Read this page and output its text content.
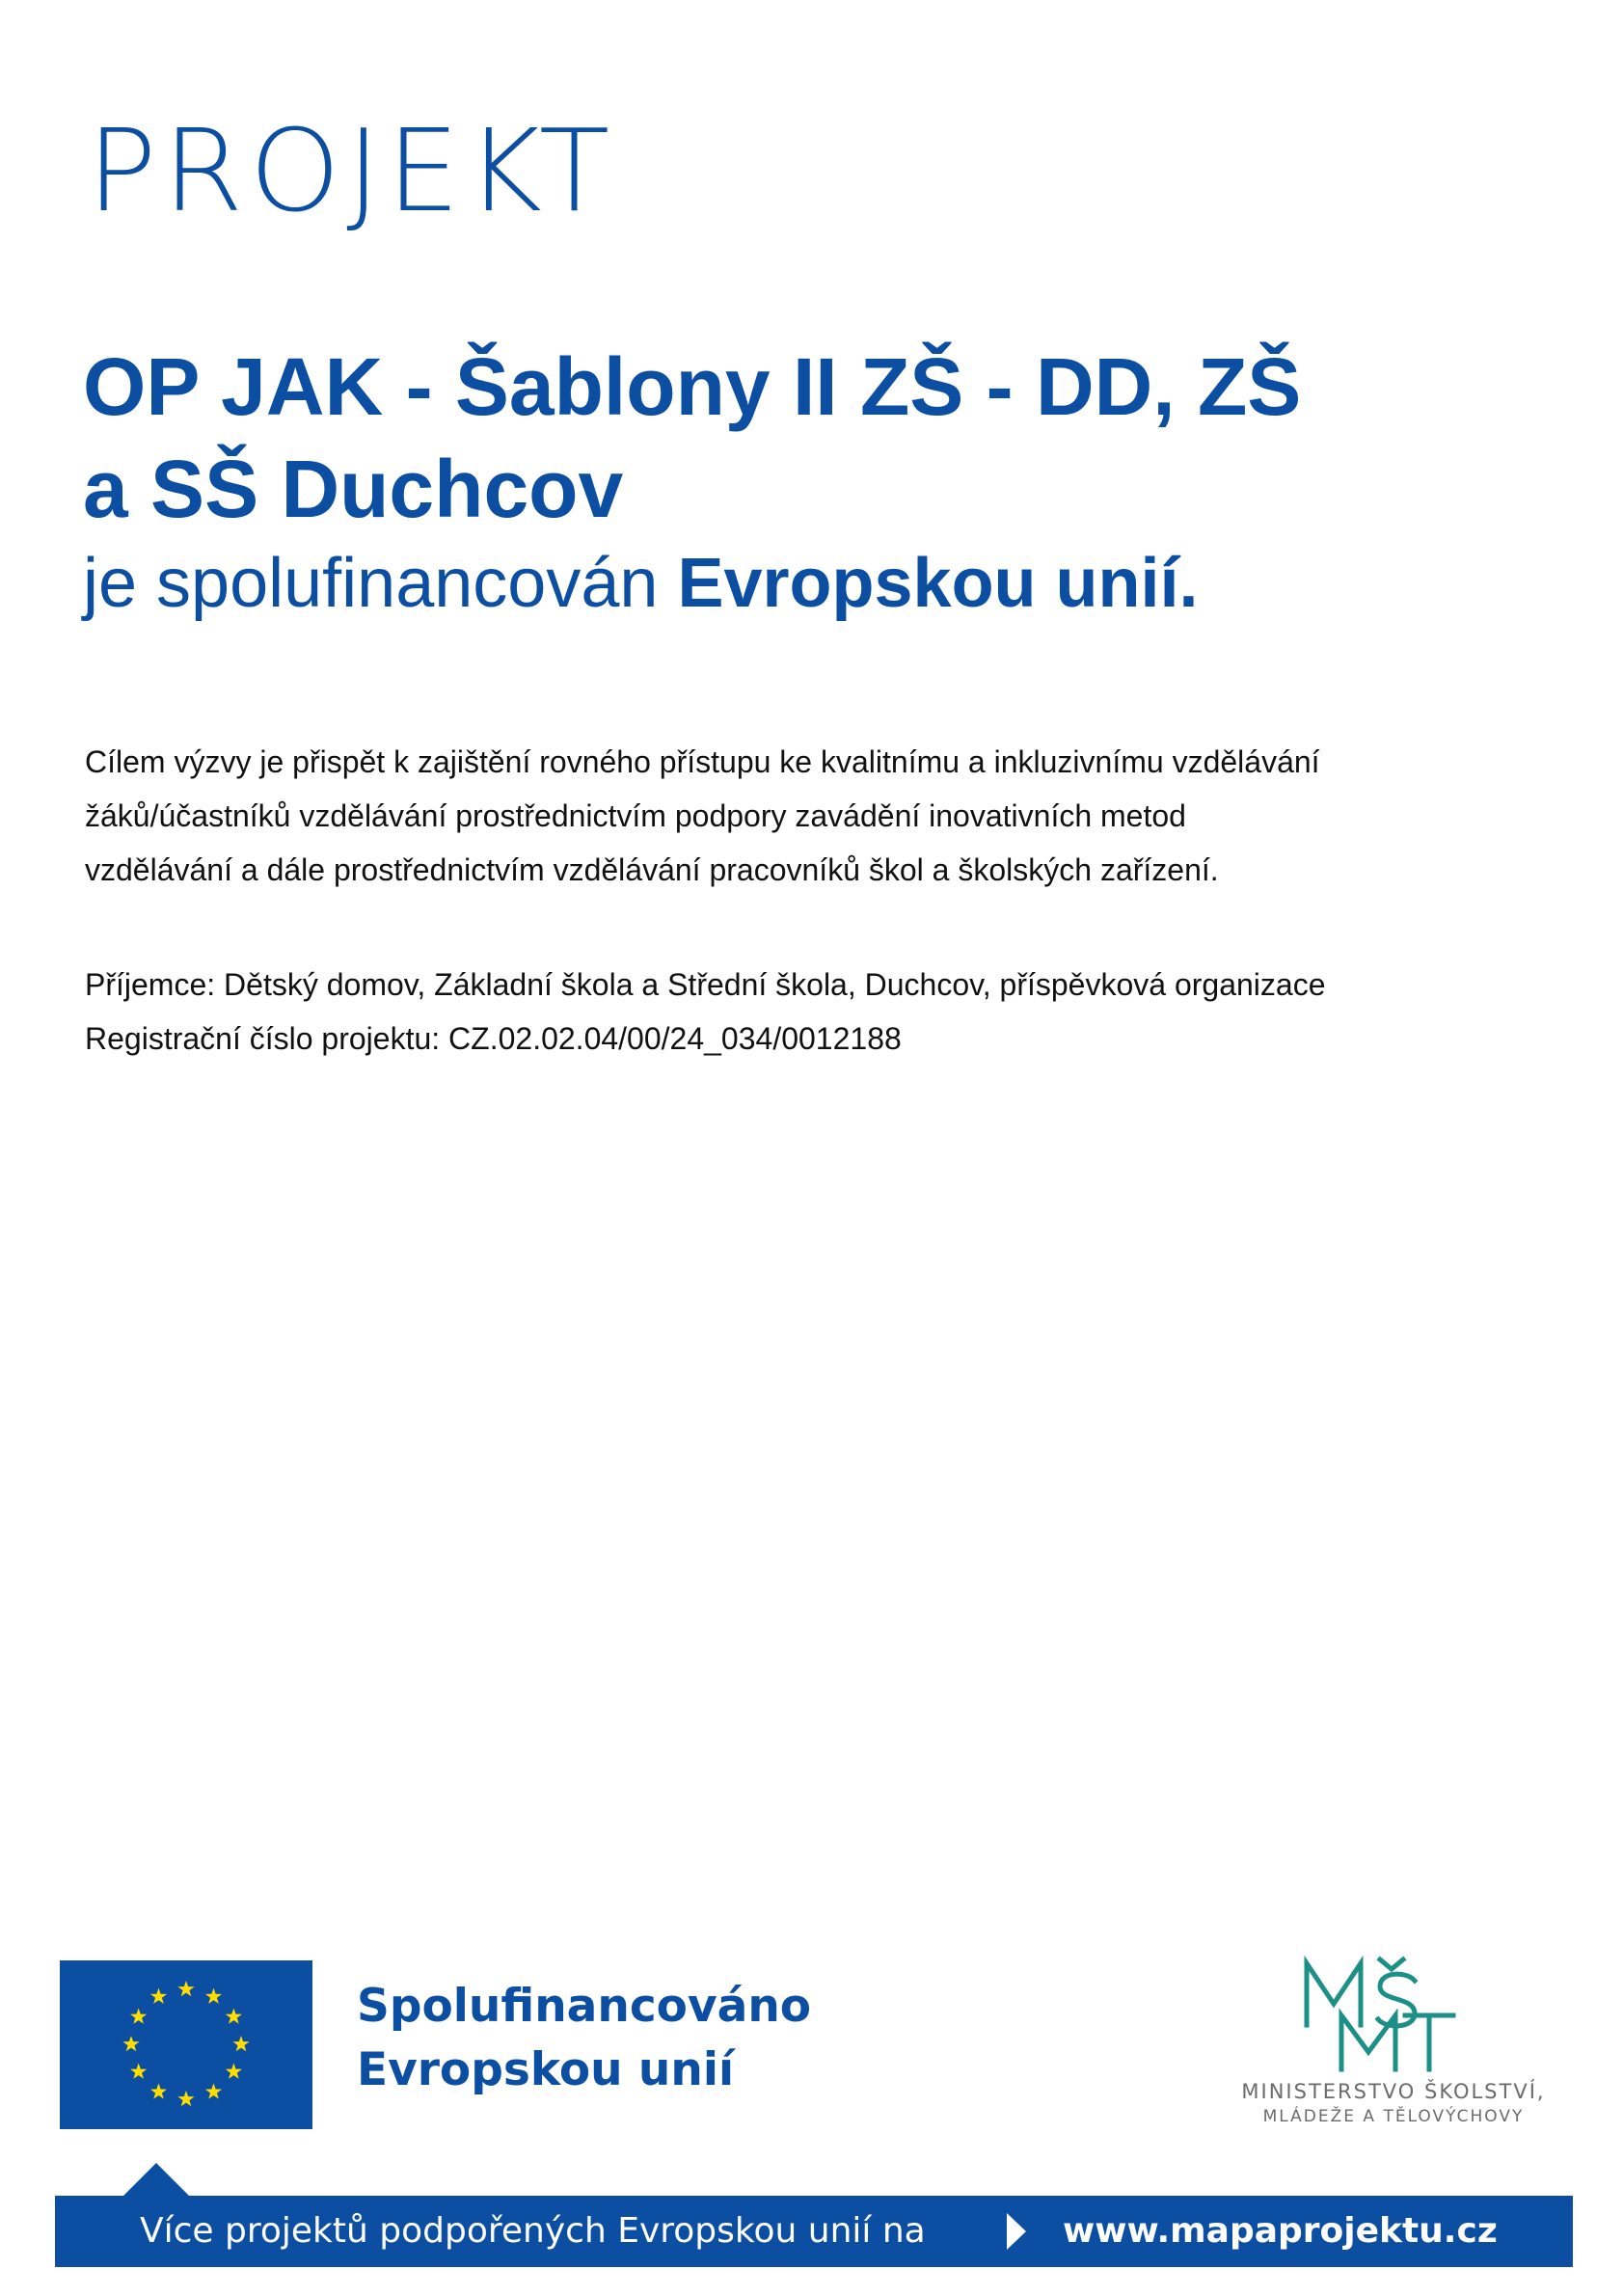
PROJEKT

OP JAK - Šablony II ZŠ - DD, ZŠ

a SŠ Duchcov

je spolufinancován Evropskou unií.

Cílem výzvy je přispět k zajištění rovného přístupu ke kvalitnímu a inkluzivnímu vzdělávání

žáků/účastníků vzdělávání prostřednictvím podpory zavádění inovativních metod

vzdělávání a dále prostřednictvím vzdělávání pracovníků škol a školských zařízení.

Příjemce: Dětský domov, Základní škola a Střední škola, Duchcov, příspěvková organizace
Registrační číslo projektu: CZ.02.02.04/00/24_034/0012188
Spolufinancováno
Evropskou unií	MINISTERSTVO ŠKOLSTVÍ,
MLÁDEŽE A TĚLOVÝCHOVY
Více projektů podpořených Evropskou unií na	www.mapaprojektu.cz
